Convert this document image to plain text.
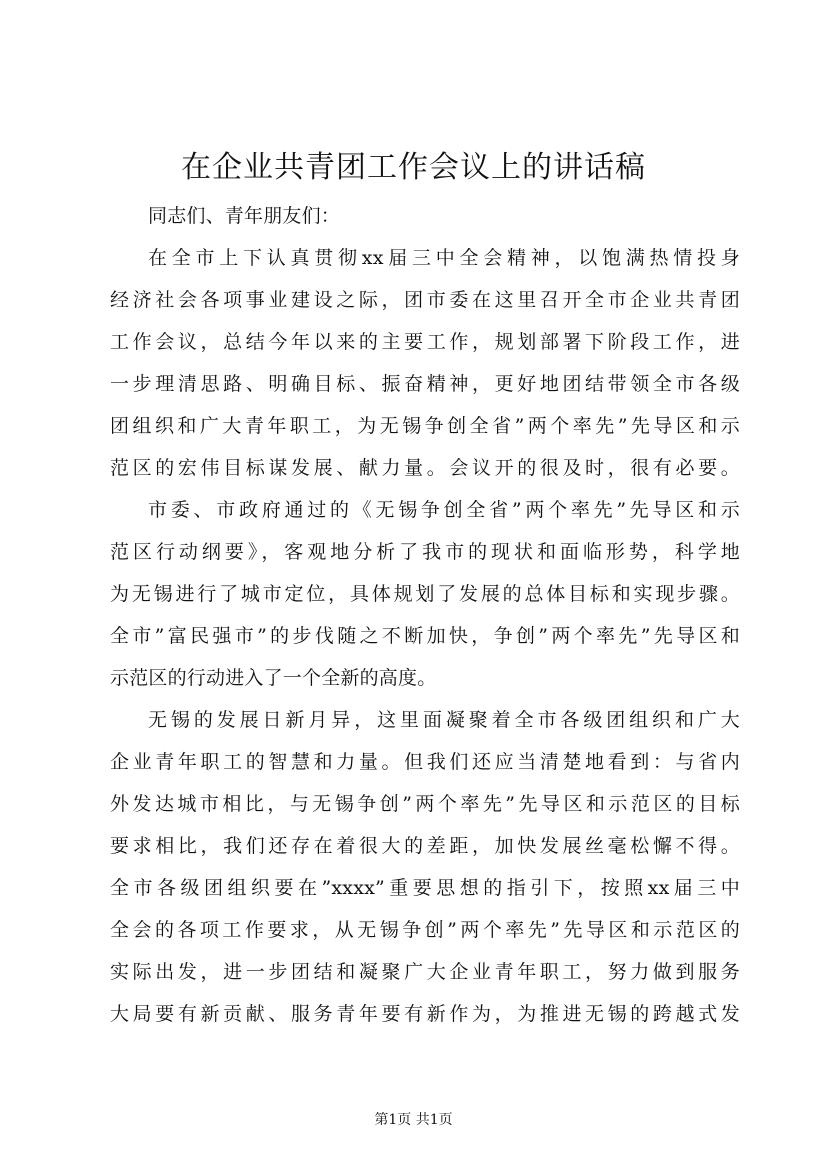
在企业共青团工作会议上的讲话稿
同志们、青年朋友们：
在全市上下认真贯彻xx届三中全会精神，以饱满热情投身
经济社会各项事业建设之际，团市委在这里召开全市企业共青团
工作会议，总结今年以来的主要工作，规划部署下阶段工作，进
一步理清思路、明确目标、振奋精神，更好地团结带领全市各级
团组织和广大青年职工，为无锡争创全省”两个率先”先导区和示
范区的宏伟目标谋发展、献力量。会议开的很及时，很有必要。
市委、市政府通过的《无锡争创全省”两个率先”先导区和示
范区行动纲要》，客观地分析了我市的现状和面临形势，科学地
为无锡进行了城市定位，具体规划了发展的总体目标和实现步骤。
全市”富民强市”的步伐随之不断加快，争创”两个率先”先导区和
示范区的行动进入了一个全新的高度。
无锡的发展日新月异，这里面凝聚着全市各级团组织和广大
企业青年职工的智慧和力量。但我们还应当清楚地看到：与省内
外发达城市相比，与无锡争创”两个率先”先导区和示范区的目标
要求相比，我们还存在着很大的差距，加快发展丝毫松懈不得。
全市各级团组织要在”xxxx”重要思想的指引下，按照xx届三中
全会的各项工作要求，从无锡争创”两个率先”先导区和示范区的
实际出发，进一步团结和凝聚广大企业青年职工，努力做到服务
大局要有新贡献、服务青年要有新作为，为推进无锡的跨越式发
第1页 共1页
